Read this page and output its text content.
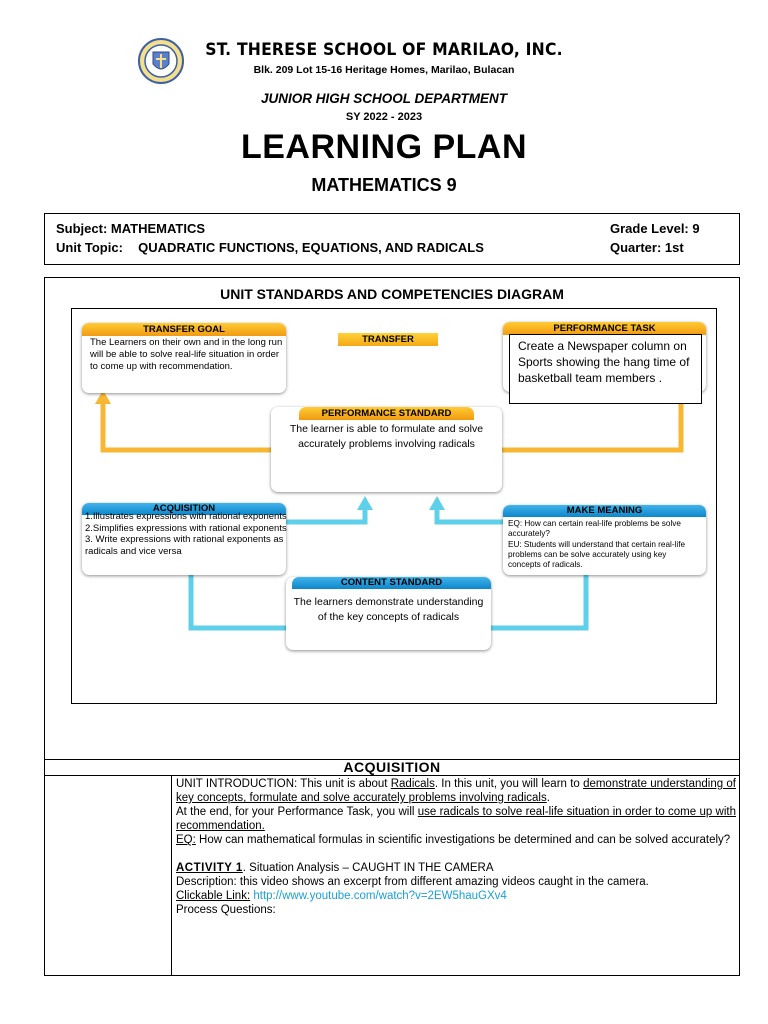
ST. THERESE SCHOOL OF MARILAO, INC.
Blk. 209 Lot 15-16 Heritage Homes, Marilao, Bulacan
JUNIOR HIGH SCHOOL DEPARTMENT
SY 2022 - 2023
LEARNING PLAN
MATHEMATICS 9
Subject: MATHEMATICS
Unit Topic: QUADRATIC FUNCTIONS, EQUATIONS, AND RADICALS
Grade Level: 9
Quarter: 1st
UNIT STANDARDS AND COMPETENCIES DIAGRAM
TRANSFER
TRANSFER GOAL
The Learners on their own and in the long run will be able to solve real-life situation in order to come up with recommendation.
PERFORMANCE TASK
Create a Newspaper column on Sports showing the hang time of basketball team members .
PERFORMANCE STANDARD
The learner is able to formulate and solve accurately problems involving radicals
ACQUISITION
1.Illustrates expressions with rational exponents
2.Simplifies expressions with rational exponents
3. Write expressions with rational exponents as radicals and vice versa
MAKE MEANING
EQ: How can certain real-life problems be solve accurately?
EU: Students will understand that certain real-life problems can be solve accurately using key concepts of radicals.
CONTENT STANDARD
The learners demonstrate understanding of the key concepts of radicals
ACQUISITION

UNIT INTRODUCTION: This unit is about Radicals. In this unit, you will learn to demonstrate understanding of key concepts, formulate and solve accurately problems involving radicals.

At the end, for your Performance Task, you will use radicals to solve real-life situation in order to come up with recommendation.

EQ: How can mathematical formulas in scientific investigations be determined and can be solved accurately?

ACTIVITY 1. Situation Analysis – CAUGHT IN THE CAMERA

Description: this video shows an excerpt from different amazing videos caught in the camera.

Clickable Link: http://www.youtube.com/watch?v=2EW5hauGXv4

Process Questions:
